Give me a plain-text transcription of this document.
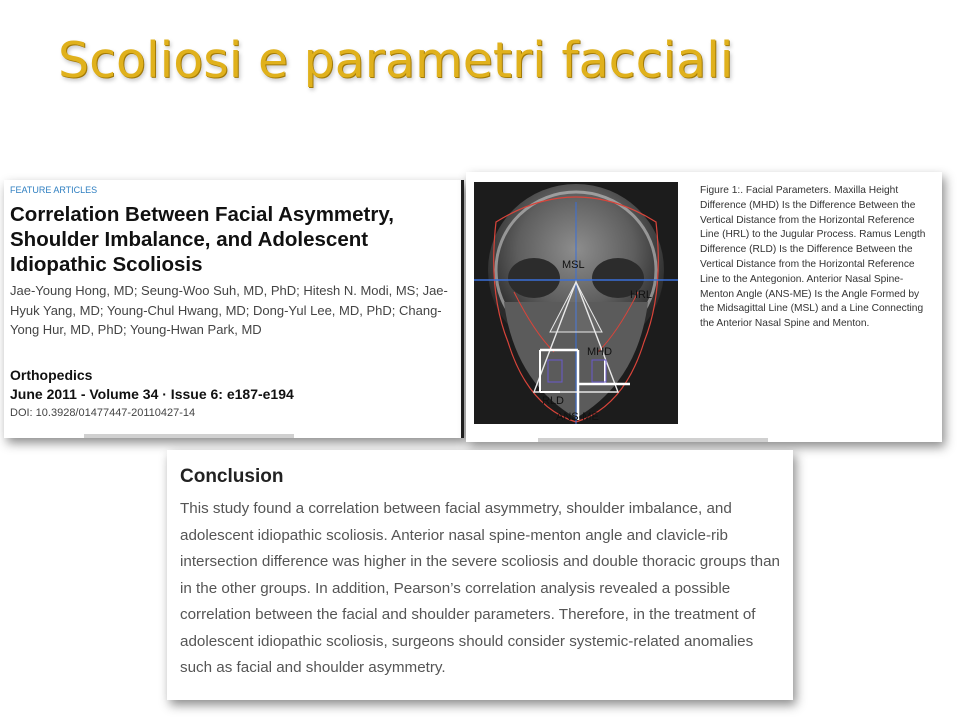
Scoliosi e parametri facciali
FEATURE ARTICLES
Correlation Between Facial Asymmetry, Shoulder Imbalance, and Adolescent Idiopathic Scoliosis
Jae-Young Hong, MD; Seung-Woo Suh, MD, PhD; Hitesh N. Modi, MS; Jae-Hyuk Yang, MD; Young-Chul Hwang, MD; Dong-Yul Lee, MD, PhD; Chang-Yong Hur, MD, PhD; Young-Hwan Park, MD
Orthopedics
June 2011 - Volume 34 · Issue 6: e187-e194
DOI: 10.3928/01477447-20110427-14
MSL
HRL
MHD
RLD
ANS-ME
Figure 1:. Facial Parameters. Maxilla Height Difference (MHD) Is the Difference Between the Vertical Distance from the Horizontal Reference Line (HRL) to the Jugular Process. Ramus Length Difference (RLD) Is the Difference Between the Vertical Distance from the Horizontal Reference Line to the Antegonion. Anterior Nasal Spine-Menton Angle (ANS-ME) Is the Angle Formed by the Midsagittal Line (MSL) and a Line Connecting the Anterior Nasal Spine and Menton.
Conclusion
This study found a correlation between facial asymmetry, shoulder imbalance, and adolescent idiopathic scoliosis. Anterior nasal spine-menton angle and clavicle-rib intersection difference was higher in the severe scoliosis and double thoracic groups than in the other groups. In addition, Pearson’s correlation analysis revealed a possible correlation between the facial and shoulder parameters. Therefore, in the treatment of adolescent idiopathic scoliosis, surgeons should consider systemic-related anomalies such as facial and shoulder asymmetry.
